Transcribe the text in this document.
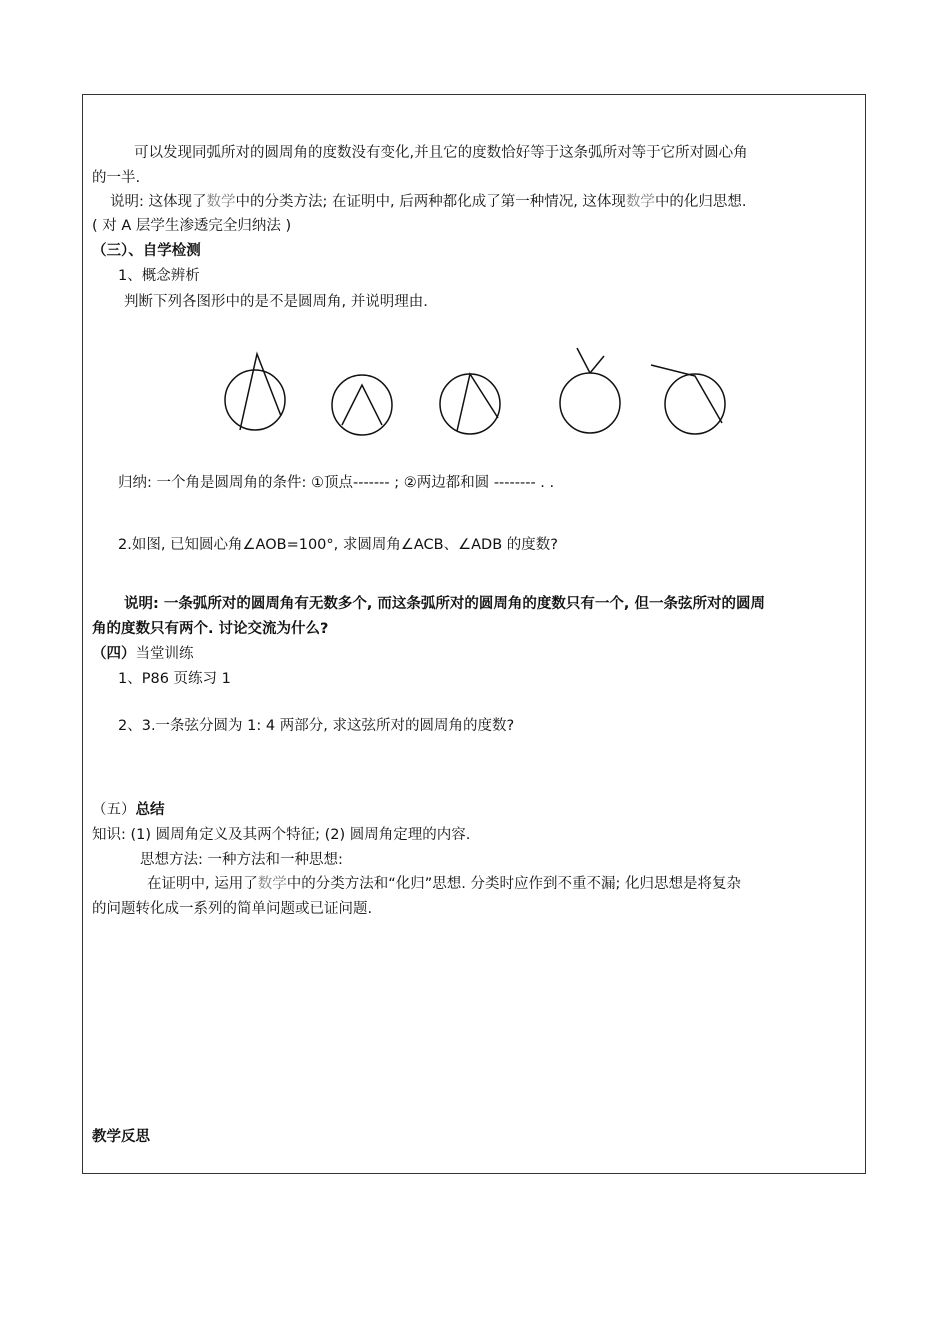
可以发现同弧所对的圆周角的度数没有变化,并且它的度数恰好等于这条弧所对等于它所对圆心角
的一半.
说明: 这体现了数学中的分类方法; 在证明中, 后两种都化成了第一种情况, 这体现数学中的化归思想.
( 对 A 层学生渗透完全归纳法 )
（三）、自学检测
1、概念辨析
判断下列各图形中的是不是圆周角, 并说明理由.
归纳: 一个角是圆周角的条件: ①顶点------- ; ②两边都和圆 -------- . .
2.如图, 已知圆心角∠AOB=100°, 求圆周角∠ACB、∠ADB 的度数?
说明: 一条弧所对的圆周角有无数多个, 而这条弧所对的圆周角的度数只有一个, 但一条弦所对的圆周
角的度数只有两个. 讨论交流为什么?
（四）当堂训练
1、P86 页练习 1
2、3.一条弦分圆为 1: 4 两部分, 求这弦所对的圆周角的度数?
（五）总结
知识: (1) 圆周角定义及其两个特征; (2) 圆周角定理的内容.
思想方法: 一种方法和一种思想:
在证明中, 运用了数学中的分类方法和“化归”思想. 分类时应作到不重不漏; 化归思想是将复杂
的问题转化成一系列的简单问题或已证问题.
教学反思
